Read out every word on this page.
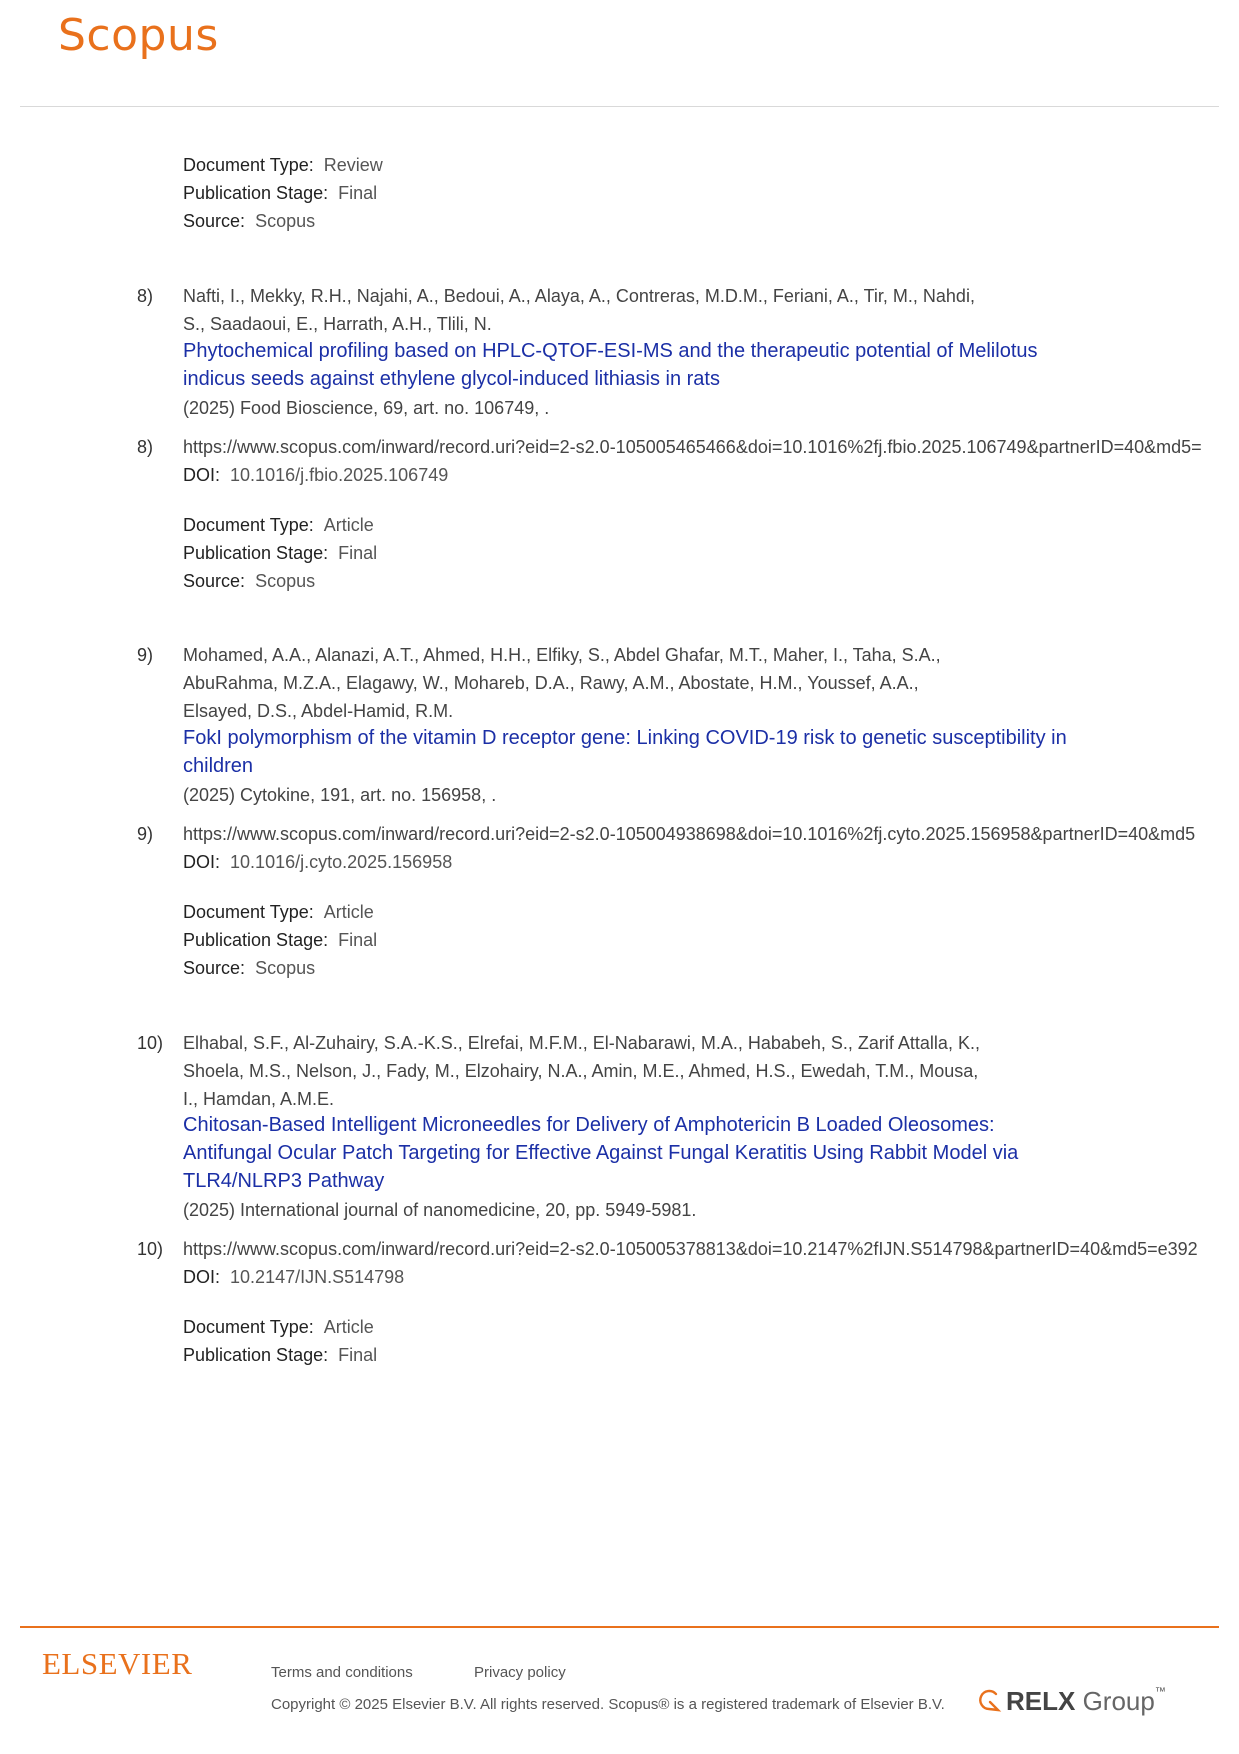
Scopus
Document Type: Review
Publication Stage: Final
Source: Scopus
8) Nafti, I., Mekky, R.H., Najahi, A., Bedoui, A., Alaya, A., Contreras, M.D.M., Feriani, A., Tir, M., Nahdi,
S., Saadaoui, E., Harrath, A.H., Tlili, N.
Phytochemical profiling based on HPLC-QTOF-ESI-MS and the therapeutic potential of Melilotus
indicus seeds against ethylene glycol-induced lithiasis in rats
(2025) Food Bioscience, 69, art. no. 106749, .
8) https://www.scopus.com/inward/record.uri?eid=2-s2.0-105005465466&doi=10.1016%2fj.fbio.2025.106749&partnerID=40&md5=
DOI: 10.1016/j.fbio.2025.106749
Document Type: Article
Publication Stage: Final
Source: Scopus
9) Mohamed, A.A., Alanazi, A.T., Ahmed, H.H., Elfiky, S., Abdel Ghafar, M.T., Maher, I., Taha, S.A.,
AbuRahma, M.Z.A., Elagawy, W., Mohareb, D.A., Rawy, A.M., Abostate, H.M., Youssef, A.A.,
Elsayed, D.S., Abdel-Hamid, R.M.
FokI polymorphism of the vitamin D receptor gene: Linking COVID-19 risk to genetic susceptibility in
children
(2025) Cytokine, 191, art. no. 156958, .
9) https://www.scopus.com/inward/record.uri?eid=2-s2.0-105004938698&doi=10.1016%2fj.cyto.2025.156958&partnerID=40&md5
DOI: 10.1016/j.cyto.2025.156958
Document Type: Article
Publication Stage: Final
Source: Scopus
10) Elhabal, S.F., Al-Zuhairy, S.A.-K.S., Elrefai, M.F.M., El-Nabarawi, M.A., Hababeh, S., Zarif Attalla, K.,
Shoela, M.S., Nelson, J., Fady, M., Elzohairy, N.A., Amin, M.E., Ahmed, H.S., Ewedah, T.M., Mousa,
I., Hamdan, A.M.E.
Chitosan-Based Intelligent Microneedles for Delivery of Amphotericin B Loaded Oleosomes:
Antifungal Ocular Patch Targeting for Effective Against Fungal Keratitis Using Rabbit Model via
TLR4/NLRP3 Pathway
(2025) International journal of nanomedicine, 20, pp. 5949-5981.
10) https://www.scopus.com/inward/record.uri?eid=2-s2.0-105005378813&doi=10.2147%2fIJN.S514798&partnerID=40&md5=e392
DOI: 10.2147/IJN.S514798
Document Type: Article
Publication Stage: Final
ELSEVIER	Terms and conditions	Privacy policy
Copyright © 2025 Elsevier B.V. All rights reserved. Scopus® is a registered trademark of Elsevier B.V.	RELX Group™
